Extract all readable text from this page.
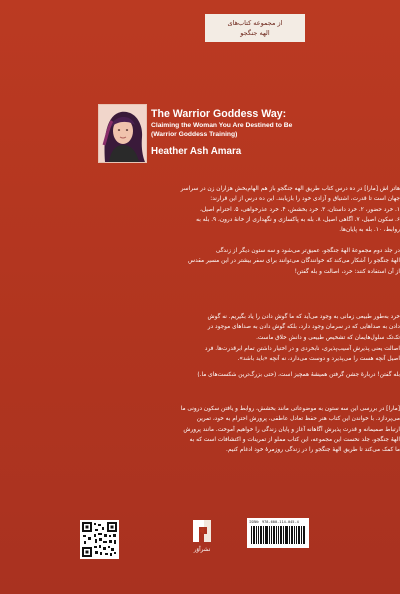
از مجموعه کتاب‌های
الهه جنگجو
The Warrior Goddess Way:
Claiming the Woman You Are Destined to Be
(Warrior Goddess Training)
Heather Ash Amara
هاتر اش [مارا] در ده درس کتاب طریق الهه جنگجو باز هم الهام‌بخش هزاران زن در سراسر
جهان است تا قدرت، اشتیاق و آزادی خود را بازیابند. این ده درس از این قرارند:
۱. خرد حضور، ۲. خرد داستان، ۳. خرد بخشش، ۴. خرد عذرخواهی، ۵. احترام اصیل،
۶. سکون اصیل، ۷. آگاهی اصیل، ۸. بله به پاکسازی و نگهداری از خانهٔ درون، ۹. بله به
روابط، ۱۰. بله به پایان‌ها.
در جلد دوم مجموعهٔ الههٔ جنگجو، عمیق‌تر می‌شود و سه ستون دیگر از زندگی
الههٔ جنگجو را آشکار می‌کند که خوانندگان می‌توانند برای سفر بیشتر در این مسیر مقدس
از آن استفاده کنند: خرد، اصالت و بله گفتن!
خرد به‌طور طبیعی زمانی به وجود می‌آید که ما گوش دادن را یاد بگیریم. نه گوش
دادن به صداهایی که در سرمان وجود دارد، بلکه گوش دادن به صداهای موجود در
تک‌تک سلول‌هایمان که تشخیص طبیعی و دانش خلاق ماست.
اصالت یعنی پذیرش آسیب‌پذیری، نابخردی و در اختیار داشتن تمام ابرقدرت‌ها. فرد
اصیل آنچه هست را می‌پذیرد و دوست می‌دارد، نه آنچه «باید باشد».
بله گفتن! دربارهٔ جشن گرفتن همیشهٔ همچیز است، (حتی بزرگ‌ترین شکست‌های ما.)
[مارا] در بررسی این سه ستون به موضوعاتی مانند بخشش، روابط و یافتن سکون درونی ما
می‌پردازد. با خواندن این کتاب هنر حفظ تعادل عاطفی، پرورش احترام به خود، تمرین
ارتباط صمیمانه و قدرت پذیرش آگاهانه آغاز و پایان زندگی را خواهیم آموخت. مانند پرورش
الههٔ جنگجو، جلد نخست این مجموعه، این کتاب مملو از تمرینات و اکتشافات است که به
ما کمک می‌کند تا طریق الههٔ جنگجو را در زندگی روزمرهٔ خود ادغام کنیم.
نشرآوَر
ISBN: 978-600-114-045-4
